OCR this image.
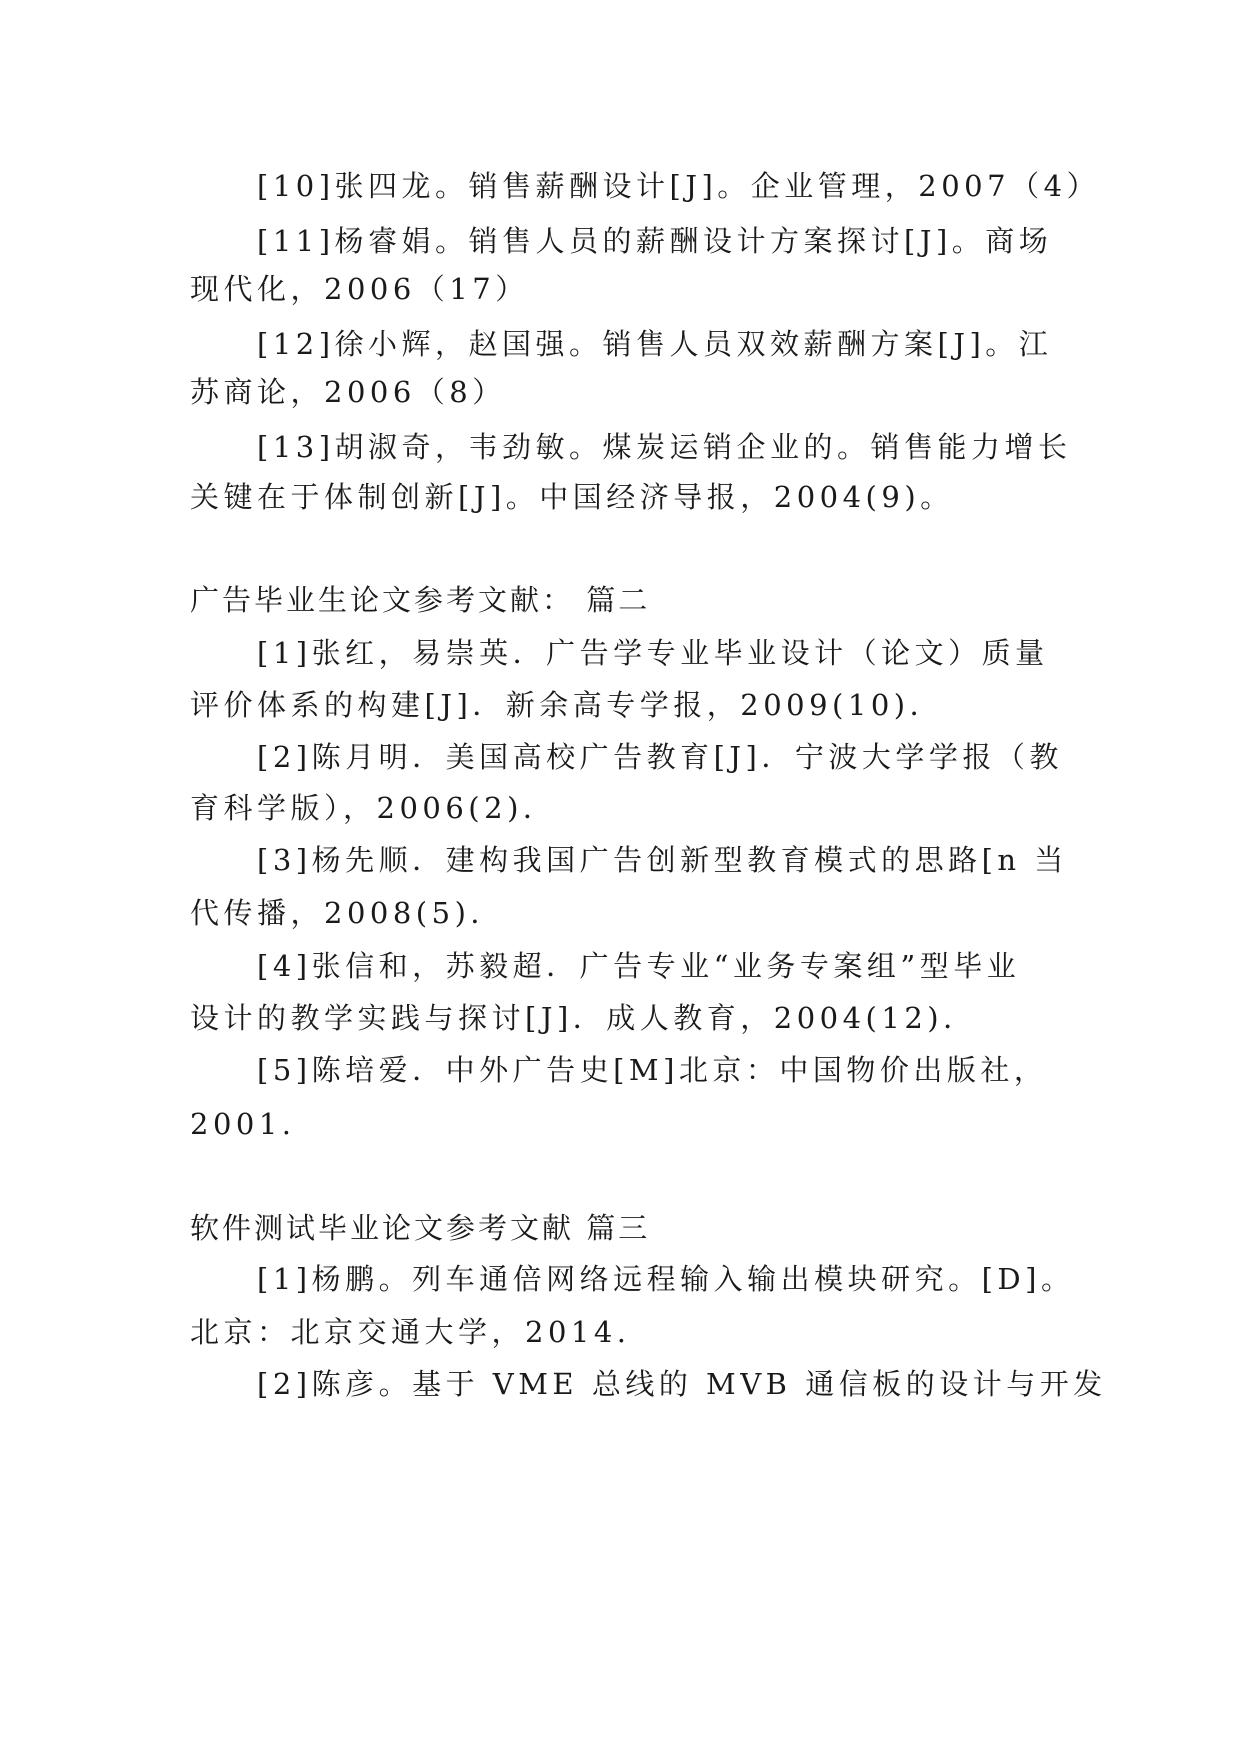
[10]张四龙。销售薪酬设计[J]。企业管理，2007（4）
[11]杨睿娟。销售人员的薪酬设计方案探讨[J]。商场
现代化，2006（17）
[12]徐小辉，赵国强。销售人员双效薪酬方案[J]。江
苏商论，2006（8）
[13]胡淑奇，韦劲敏。煤炭运销企业的。销售能力增长
关键在于体制创新[J]。中国经济导报，2004(9)。
广告毕业生论文参考文献： 篇二
[1]张红，易崇英．广告学专业毕业设计（论文）质量
评价体系的构建[J]．新余高专学报，2009(10)．
[2]陈月明．美国高校广告教育[J]．宁波大学学报（教
育科学版），2006(2)．
[3]杨先顺．建构我国广告创新型教育模式的思路[n 当
代传播，2008(5)．
[4]张信和，苏毅超．广告专业“业务专案组”型毕业
设计的教学实践与探讨[J]．成人教育，2004(12)．
[5]陈培爱．中外广告史[M]北京：中国物价出版社，
2001.
软件测试毕业论文参考文献 篇三
[1]杨鹏。列车通倍网络远程输入输出模块研究。[D]。
北京：北京交通大学，2014.
[2]陈彦。基于 VME 总线的 MVB 通信板的设计与开发
